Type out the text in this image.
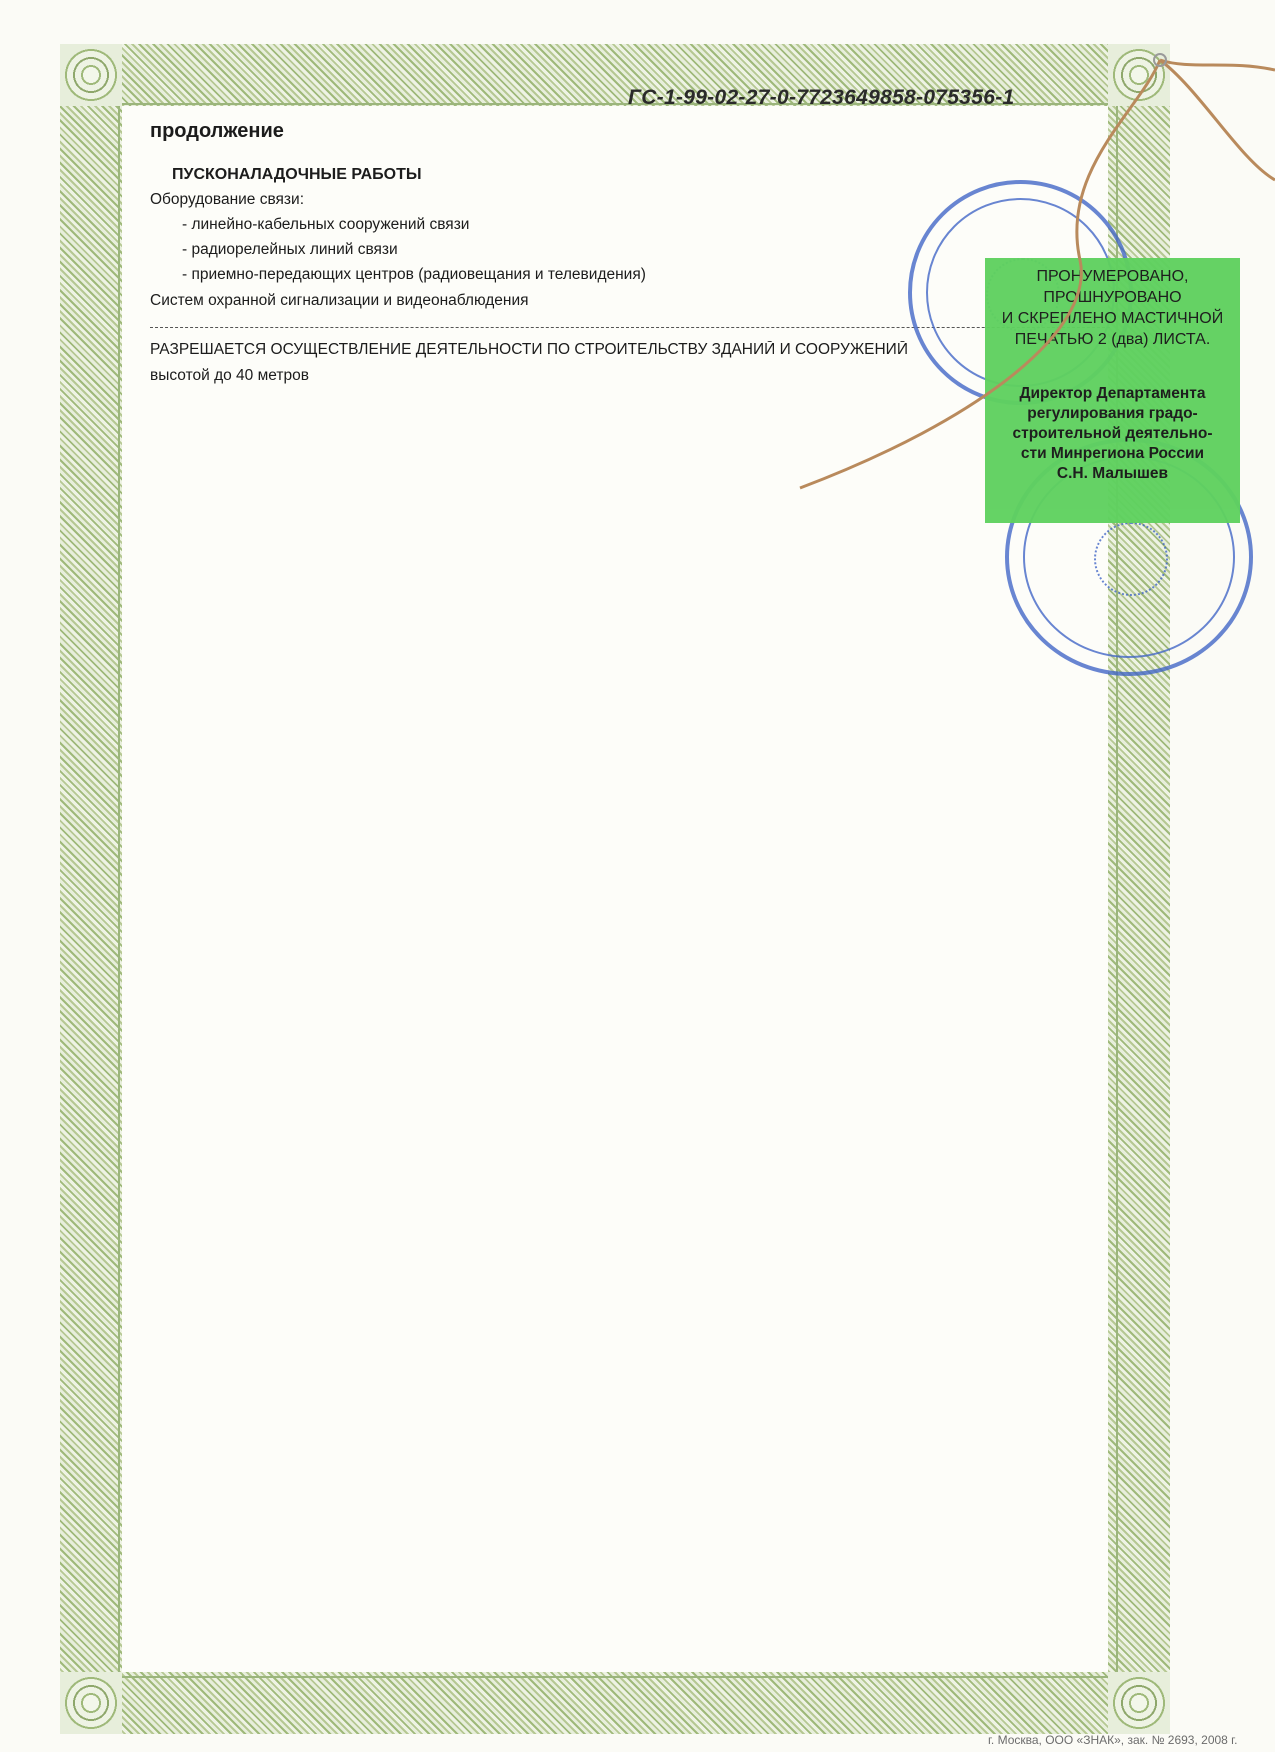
ГС-1-99-02-27-0-7723649858-075356-1
продолжение
ПУСКОНАЛАДОЧНЫЕ РАБОТЫ
Оборудование связи:
- линейно-кабельных сооружений связи
- радиорелейных линий связи
- приемно-передающих центров (радиовещания и телевидения)
Систем охранной сигнализации и видеонаблюдения
РАЗРЕШАЕТСЯ ОСУЩЕСТВЛЕНИЕ ДЕЯТЕЛЬНОСТИ ПО СТРОИТЕЛЬСТВУ ЗДАНИЙ И СООРУЖЕНИЙ
высотой до 40 метров
ПРОНУМЕРОВАНО,
ПРОШНУРОВАНО
И СКРЕПЛЕНО МАСТИЧНОЙ
ПЕЧАТЬЮ 2 (два) ЛИСТА.
Директор Департамента
регулирования градо-
строительной деятельно-
сти Минрегиона России
С.Н. Малышев
г. Москва, ООО «ЗНАК», зак. № 2693, 2008 г.
